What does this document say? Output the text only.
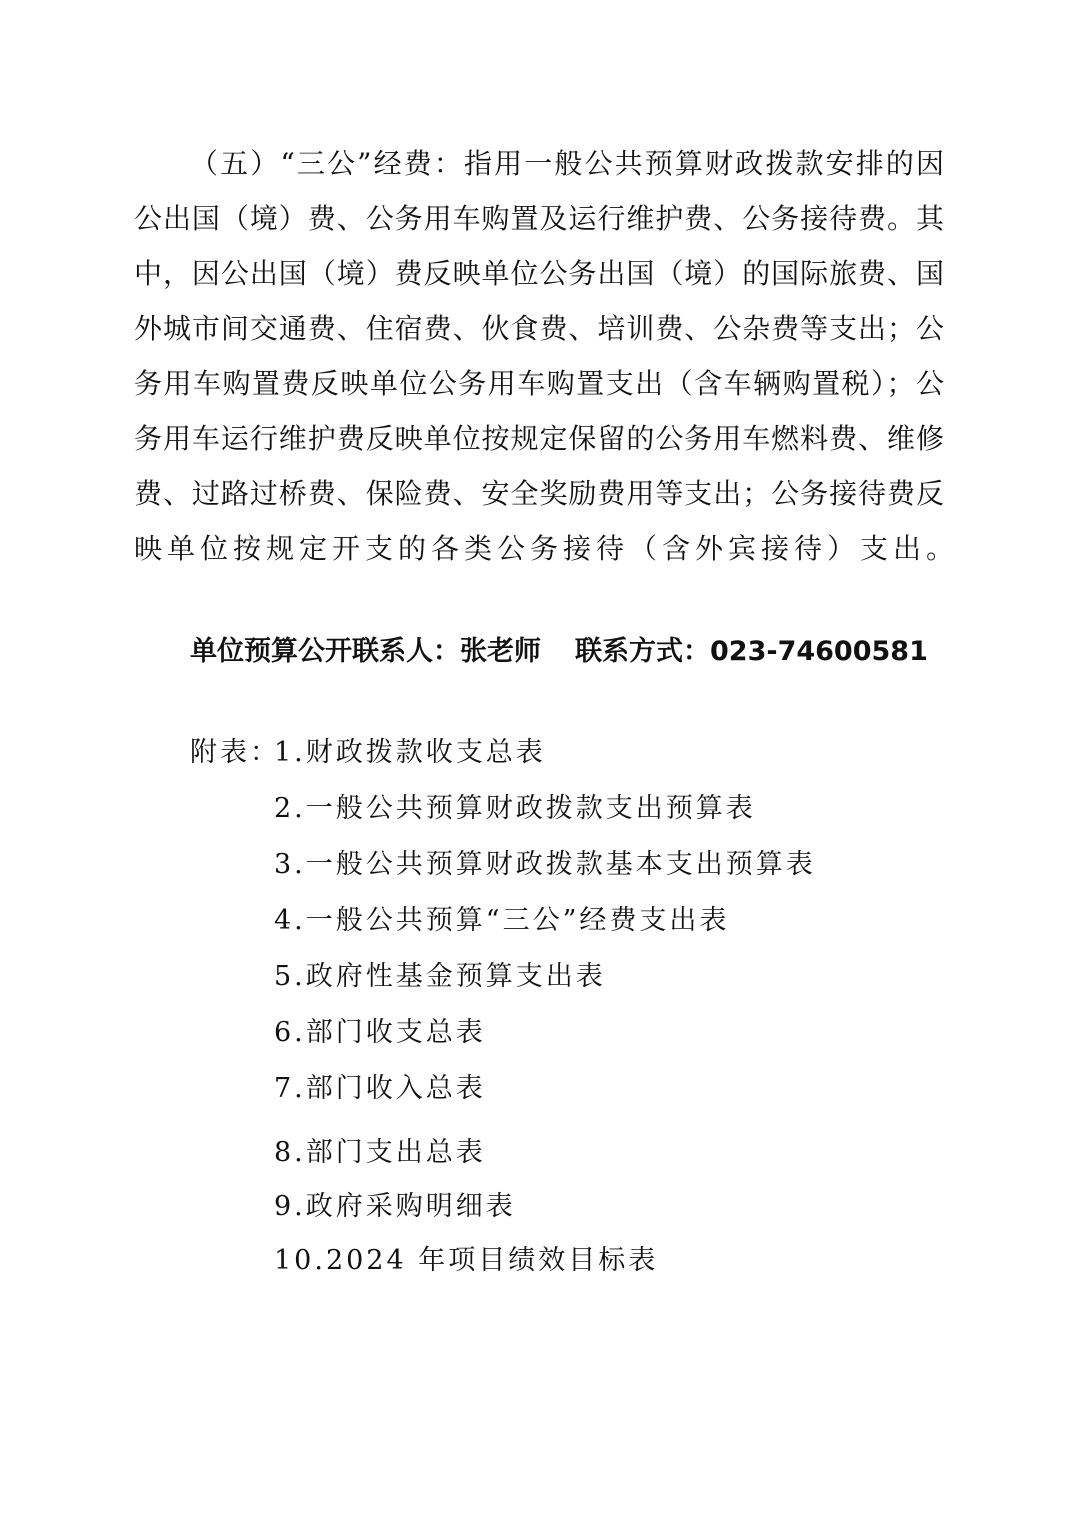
（五）“三公”经费：指用一般公共预算财政拨款安排的因
公出国（境）费、公务用车购置及运行维护费、公务接待费。其
中，因公出国（境）费反映单位公务出国（境）的国际旅费、国
外城市间交通费、住宿费、伙食费、培训费、公杂费等支出；公
务用车购置费反映单位公务用车购置支出（含车辆购置税）；公
务用车运行维护费反映单位按规定保留的公务用车燃料费、维修
费、过路过桥费、保险费、安全奖励费用等支出；公务接待费反
映单位按规定开支的各类公务接待（含外宾接待）支出。
单位预算公开联系人：张老师 联系方式：023-74600581
附表：
1.财政拨款收支总表
2.一般公共预算财政拨款支出预算表
3.一般公共预算财政拨款基本支出预算表
4.一般公共预算“三公”经费支出表
5.政府性基金预算支出表
6.部门收支总表
7.部门收入总表
8.部门支出总表
9.政府采购明细表
10.2024 年项目绩效目标表
